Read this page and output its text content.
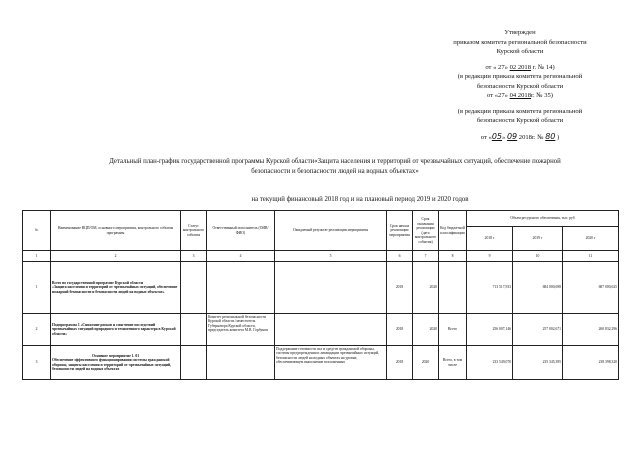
Утвержден
приказом комитета региональной безопасности
Курской области
от « 27» 02 2018 г. № 14)
(в редакции приказа комитета региональной
безопасности Курской области
от «27» 04 2018г. № 35)
(в редакции приказа комитета региональной
безопасности Курской области
от «05» 09 2018г. № 80 )
Детальный план-график государственной программы Курской области«Защита населения и территорий от чрезвычайных ситуаций, обеспечение пожарной
безопасности и безопасности людей на водных объектах»
на текущий финансовый 2018 год и на плановый период 2019 и 2020 годов
№	Наименование ВЦП/ОМ, основного мероприятия, контрольного события программы	Статус контрольного события	Ответственный исполнитель (ОИВ/ФИО)	Ожидаемый результат реализации мероприятия	Срок начала реализации мероприятия	Срок окончания реализации (дата контрольного события)	Код бюджетной классификации	Объем ресурсного обеспечения, тыс. руб		
								2018 г	2019 г	2020 г
1	2	3	4	5	6	7	8	9	10	11
1	Всего по государственной программе Курской области
«Защита населения и территорий от чрезвычайных ситуаций, обеспечение пожарной безопасности и безопасности людей на водных объектах»				2018	2020		713 517,933	684 000,698	687 000,625
2	Подпрограмма 1 «Снижение рисков и смягчение последствий чрезвычайных ситуаций природного и техногенного характера в Курской области»		Комитет региональной безопасности Курской области./заместитель Губернатора Курской области, председатель комитета М.В. Горбунов		2018	2020	Всего	256 007,146	257 002,671	260 832,296
3	Основное мероприятие 1. 01
Обеспечение эффективного функционирования системы гражданской обороны, защиты населения и территорий от чрезвычайных ситуаций, безопасности людей на водных объектах			Поддержание готовности сил и средств гражданской обороны, системы предупреждения и ликвидации чрезвычайных ситуаций, безопасности людей на водных объектах на уровне, обеспечивающем выполнение возложенных	2018	2020	Всего, в том числе	233 549,070	235 345,395	238 398,320
